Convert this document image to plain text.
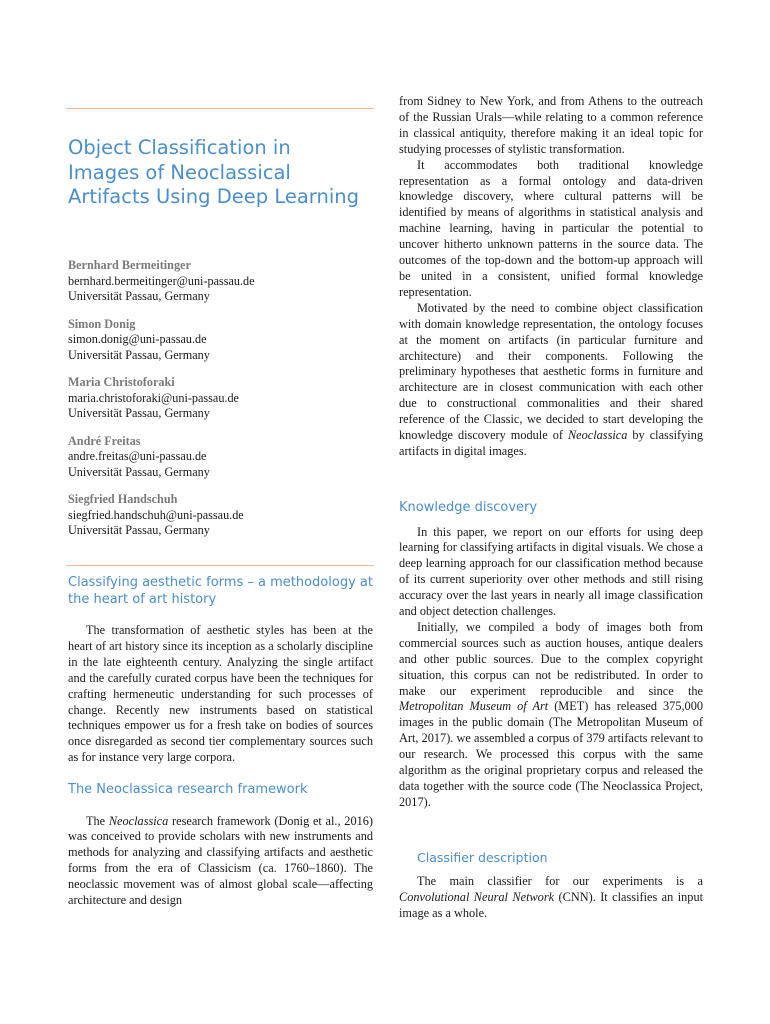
Object Classification in Images of Neoclassical Artifacts Using Deep Learning
Bernhard Bermeitinger
bernhard.bermeitinger@uni-passau.de
Universität Passau, Germany
Simon Donig
simon.donig@uni-passau.de
Universität Passau, Germany
Maria Christoforaki
maria.christoforaki@uni-passau.de
Universität Passau, Germany
André Freitas
andre.freitas@uni-passau.de
Universität Passau, Germany
Siegfried Handschuh
siegfried.handschuh@uni-passau.de
Universität Passau, Germany
Classifying aesthetic forms – a methodology at the heart of art history

The transformation of aesthetic styles has been at the heart of art history since its inception as a scholarly discipline in the late eighteenth century. Analyzing the single artifact and the carefully curated corpus have been the techniques for crafting hermeneutic understanding for such processes of change. Recently new instruments based on statistical techniques empower us for a fresh take on bodies of sources once disregarded as second tier complementary sources such as for instance very large corpora.

The Neoclassica research framework

The Neoclassica research framework (Donig et al., 2016) was conceived to provide scholars with new instruments and methods for analyzing and classifying artifacts and aesthetic forms from the era of Classicism (ca. 1760–1860). The neoclassic movement was of almost global scale—affecting architecture and design

from Sidney to New York, and from Athens to the outreach of the Russian Urals—while relating to a common reference in classical antiquity, therefore making it an ideal topic for studying processes of stylistic transformation.

It accommodates both traditional knowledge representation as a formal ontology and data-driven knowledge discovery, where cultural patterns will be identified by means of algorithms in statistical analysis and machine learning, having in particular the potential to uncover hitherto unknown patterns in the source data. The outcomes of the top-down and the bottom-up approach will be united in a consistent, unified formal knowledge representation.

Motivated by the need to combine object classification with domain knowledge representation, the ontology focuses at the moment on artifacts (in particular furniture and architecture) and their components. Following the preliminary hypotheses that aesthetic forms in furniture and architecture are in closest communication with each other due to constructional commonalities and their shared reference of the Classic, we decided to start developing the knowledge discovery module of Neoclassica by classifying artifacts in digital images.

Knowledge discovery

In this paper, we report on our efforts for using deep learning for classifying artifacts in digital visuals. We chose a deep learning approach for our classification method because of its current superiority over other methods and still rising accuracy over the last years in nearly all image classification and object detection challenges.

Initially, we compiled a body of images both from commercial sources such as auction houses, antique dealers and other public sources. Due to the complex copyright situation, this corpus can not be redistributed. In order to make our experiment reproducible and since the Metropolitan Museum of Art (MET) has released 375,000 images in the public domain (The Metropolitan Museum of Art, 2017). we assembled a corpus of 379 artifacts relevant to our research. We processed this corpus with the same algorithm as the original proprietary corpus and released the data together with the source code (The Neoclassica Project, 2017).

Classifier description

The main classifier for our experiments is a Convolutional Neural Network (CNN). It classifies an input image as a whole.
